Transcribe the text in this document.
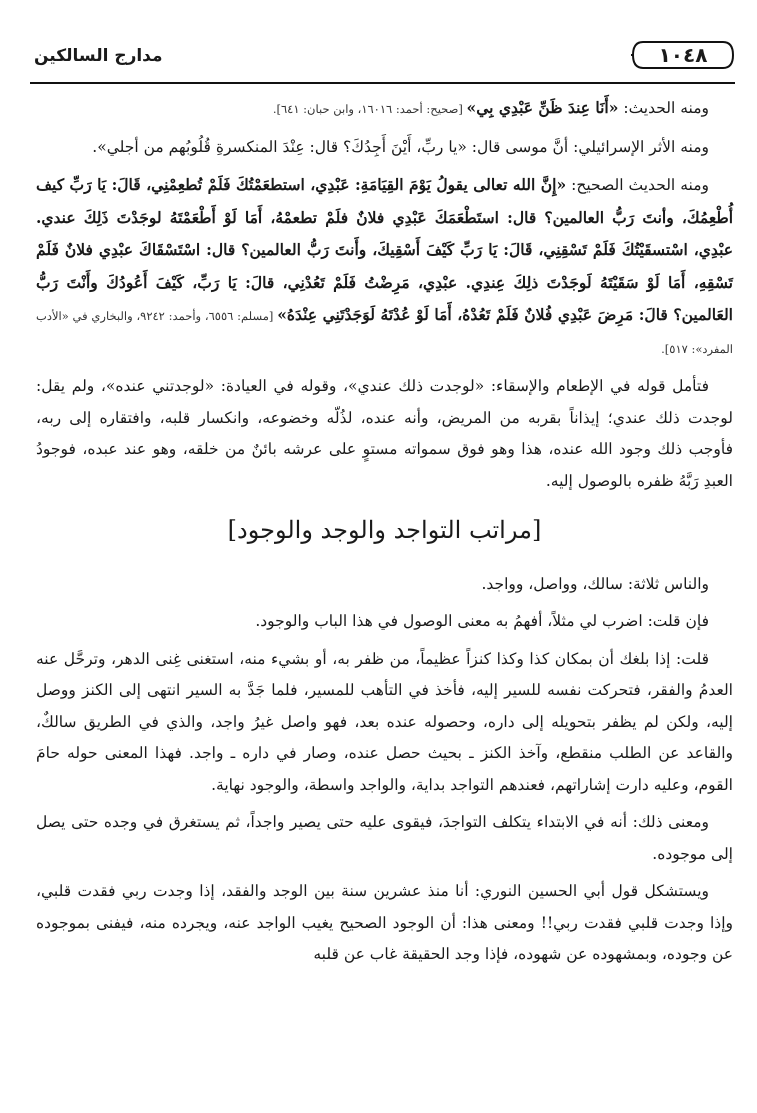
١٠٤٨
مدارج السالكين

ومنه الحديث: «أَنَا عِندَ ظَنِّ عَبْدِي بِي» [صحيح: أحمد: ١٦٠١٦، وابن حبان: ٦٤١].

ومنه الأثر الإسرائيلي: أنَّ موسى قال: «يا ربِّ، أَيْنَ أَجِدُكَ؟ قال: عِنْدَ المنكسرةِ قُلُوبُهم من أجلي».

ومنه الحديث الصحيح: «إِنَّ الله تعالى يقولُ يَوْمَ القِيَامَةِ: عَبْدِي، استطعَمْتُكَ فَلَمْ تُطعِمْنِي، قَالَ: يَا رَبِّ كيف أُطْعِمُكَ، وأنتَ رَبُّ العالمين؟ قال: استَطْعَمَكَ عَبْدِي فلانٌ فلَمْ تطعمْهُ، أَمَا لَوْ أَطْعَمْتَهُ لوجَدْتَ ذَلِكَ عندي. عبْدِي، اسْتسقَيْتُكَ فَلَمْ تَسْقِنِي، قَالَ: يَا رَبِّ كَيْفَ أَسْقِيكَ، وأَنتَ رَبُّ العالمين؟ قال: اسْتَسْقَاكَ عبْدِي فلانٌ فَلَمْ تَسْقِهِ، أَمَا لَوْ سَقَيْتَهُ لَوجَدْتَ ذلِكَ عِندِي. عبْدِي، مَرِضْتُ فَلَمْ تَعُدْنِي، قالَ: يَا رَبِّ، كَيْفَ أَعُودُكَ وأَنْتَ رَبُّ العَالمين؟ قالَ: مَرِضَ عَبْدِي فُلانٌ فَلَمْ تَعُدْهُ، أَمَا لَوْ عُدْتَهُ لَوَجَدْتَنِي عِنْدَهُ» [مسلم: ٦٥٥٦، وأحمد: ٩٢٤٢، والبخاري في «الأدب المفرد»: ٥١٧].

فتأمل قوله في الإطعام والإسقاء: «لوجدت ذلك عندي»، وقوله في العيادة: «لوجدتني عنده»، ولم يقل: لوجدت ذلك عندي؛ إيذاناً بقربه من المريض، وأنه عنده، لذُلّه وخضوعه، وانكسار قلبه، وافتقاره إلى ربه، فأوجب ذلك وجود الله عنده، هذا وهو فوق سمواته مستوٍ على عرشه بائنٌ من خلقه، وهو عند عبده، فوجودُ العبدِ رَبَّهُ ظفره بالوصول إليه.

[مراتب التواجد والوجد والوجود]

والناس ثلاثة: سالك، وواصل، وواجد.

فإن قلت: اضرب لي مثلاً، أفهمُ به معنى الوصول في هذا الباب والوجود.

قلت: إذا بلغك أن بمكان كذا وكذا كنزاً عظيماً، من ظفر به، أو بشيء منه، استغنى غِنى الدهر، وترحَّل عنه العدمُ والفقر، فتحركت نفسه للسير إليه، فأخذ في التأهب للمسير، فلما جَدَّ به السير انتهى إلى الكنز ووصل إليه، ولكن لم يظفر بتحويله إلى داره، وحصوله عنده بعد، فهو واصل غيرُ واجد، والذي في الطريق سالكٌ، والقاعد عن الطلب منقطع، وآخذ الكنز ـ بحيث حصل عنده، وصار في داره ـ واجد. فهذا المعنى حوله حامَ القوم، وعليه دارت إشاراتهم، فعندهم التواجد بداية، والواجد واسطة، والوجود نهاية.

ومعنى ذلك: أنه في الابتداء يتكلف التواجدَ، فيقوى عليه حتى يصير واجداً، ثم يستغرق في وجده حتى يصل إلى موجوده.

ويستشكل قول أبي الحسين النوري: أنا منذ عشرين سنة بين الوجد والفقد، إذا وجدت ربي فقدت قلبي، وإذا وجدت قلبي فقدت ربي!! ومعنى هذا: أن الوجود الصحيح يغيب الواجد عنه، ويجرده منه، فيفنى بموجوده عن وجوده، وبمشهوده عن شهوده، فإذا وجد الحقيقة غاب عن قلبه
